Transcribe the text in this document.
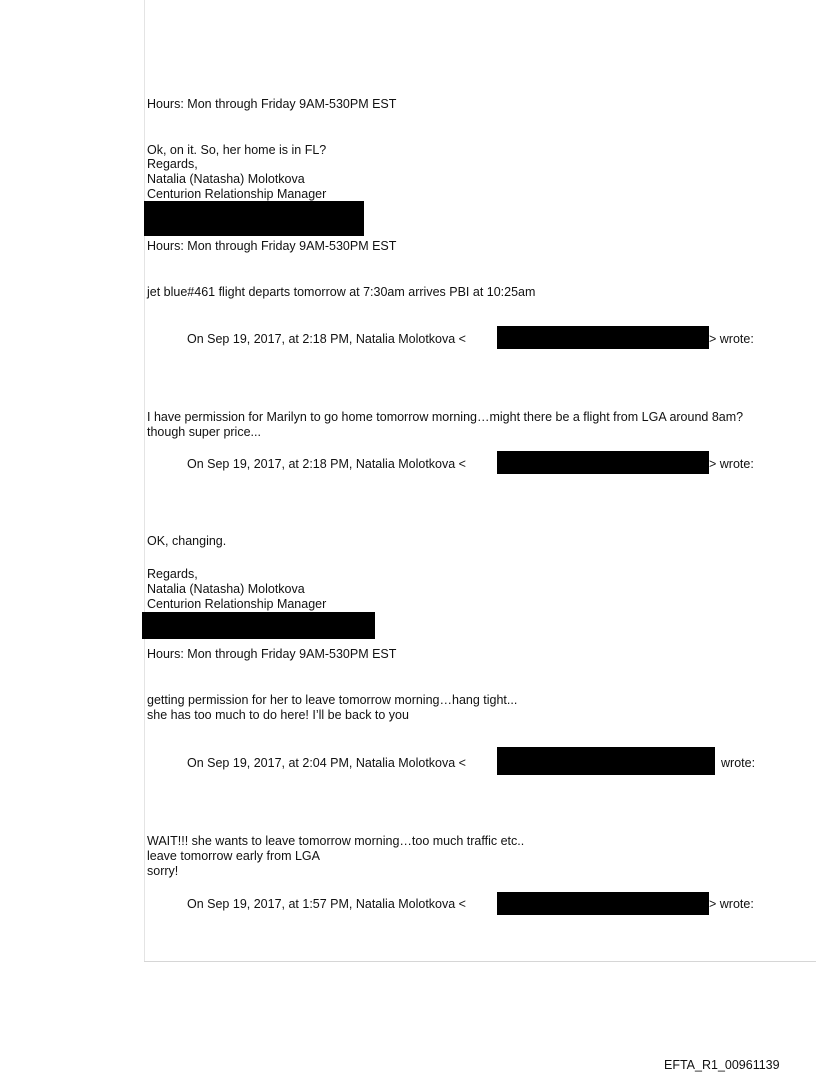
Hours: Mon through Friday 9AM-530PM EST
Ok, on it. So, her home is in FL?
Regards,
Natalia (Natasha) Molotkova
Centurion Relationship Manager
Hours: Mon through Friday 9AM-530PM EST
jet blue#461 flight departs tomorrow at 7:30am arrives PBI at 10:25am
On Sep 19, 2017, at 2:18 PM, Natalia Molotkova <	> wrote:
I have permission for Marilyn to go home tomorrow morning…might there be a flight from LGA around 8am?
though super price...
On Sep 19, 2017, at 2:18 PM, Natalia Molotkova <	> wrote:
OK, changing.
Regards,
Natalia (Natasha) Molotkova
Centurion Relationship Manager
Hours: Mon through Friday 9AM-530PM EST
getting permission for her to leave tomorrow morning…hang tight...
she has too much to do here! I’ll be back to you
On Sep 19, 2017, at 2:04 PM, Natalia Molotkova <	wrote:
WAIT!!! she wants to leave tomorrow morning…too much traffic etc..
leave tomorrow early from LGA
sorry!
On Sep 19, 2017, at 1:57 PM, Natalia Molotkova <	> wrote:
EFTA_R1_00961139
